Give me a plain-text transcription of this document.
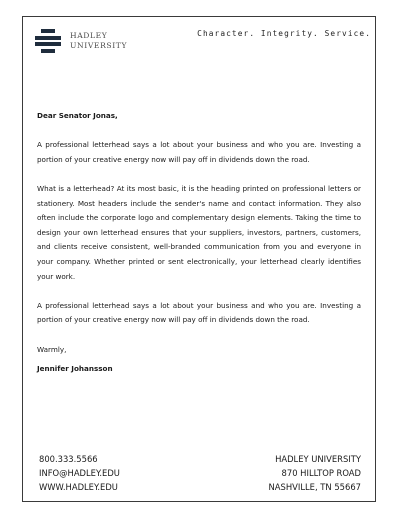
HADLEY
UNIVERSITY
Character. Integrity. Service.

Dear Senator Jonas,

A professional letterhead says a lot about your business and who you are. Investing a portion of your creative energy now will pay off in dividends down the road.

What is a letterhead? At its most basic, it is the heading printed on professional letters or stationery. Most headers include the sender's name and contact information. They also often include the corporate logo and complementary design elements. Taking the time to design your own letterhead ensures that your suppliers, investors, partners, customers, and clients receive consistent, well-branded communication from you and everyone in your company. Whether printed or sent electronically, your letterhead clearly identifies your work.

A professional letterhead says a lot about your business and who you are. Investing a portion of your creative energy now will pay off in dividends down the road.

Warmly,

Jennifer Johansson

800.333.5566
INFO@HADLEY.EDU
WWW.HADLEY.EDU
HADLEY UNIVERSITY
870 HILLTOP ROAD
NASHVILLE, TN 55667
